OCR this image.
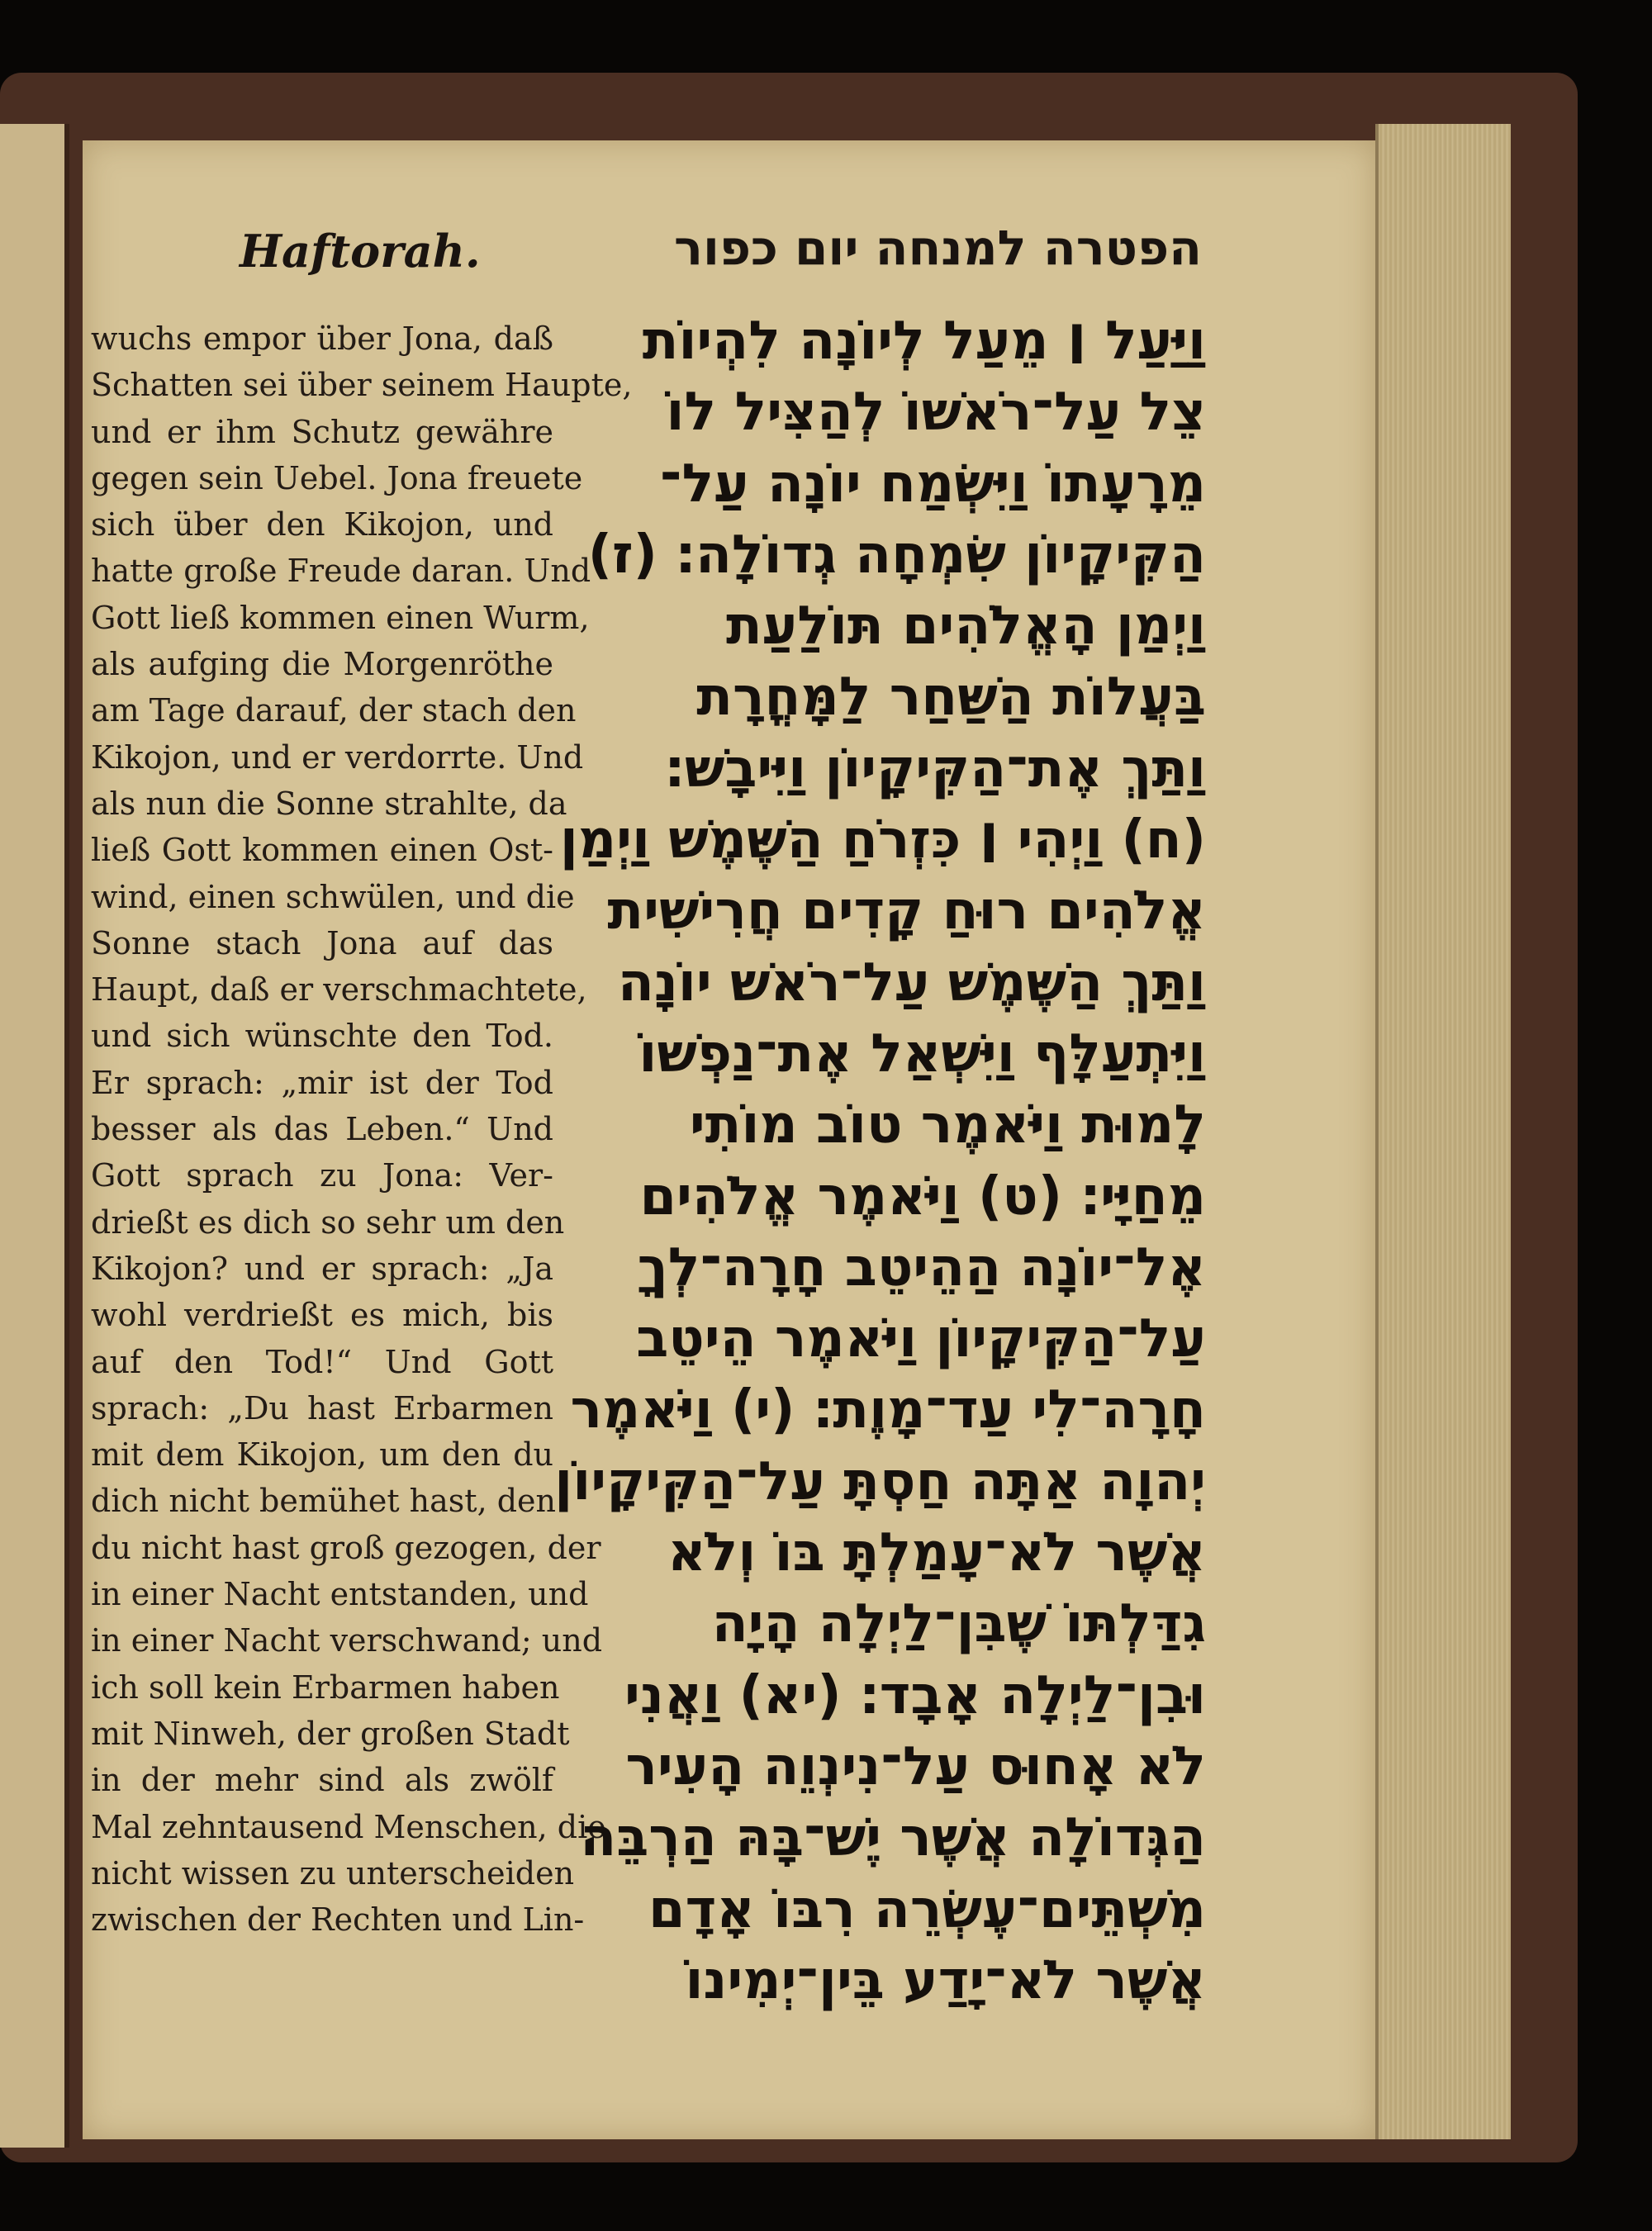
Haftorah.	הפטרה למנחה יום כפור
wuchs empor über Jona, daß
Schatten sei über seinem Haupte,
und er ihm Schutz gewähre
gegen sein Uebel. Jona freuete
sich über den Kikojon, und
hatte große Freude daran. Und
Gott ließ kommen einen Wurm,
als aufging die Morgenröthe
am Tage darauf, der stach den
Kikojon, und er verdorrte. Und
als nun die Sonne strahlte, da
ließ Gott kommen einen Ost-
wind, einen schwülen, und die
Sonne stach Jona auf das
Haupt, daß er verschmachtete,
und sich wünschte den Tod.
Er sprach: „mir ist der Tod
besser als das Leben.“ Und
Gott sprach zu Jona: Ver-
drießt es dich so sehr um den
Kikojon? und er sprach: „Ja
wohl verdrießt es mich, bis
auf den Tod!“ Und Gott
sprach: „Du hast Erbarmen
mit dem Kikojon, um den du
dich nicht bemühet hast, den
du nicht hast groß gezogen, der
in einer Nacht entstanden, und
in einer Nacht verschwand; und
ich soll kein Erbarmen haben
mit Ninweh, der großen Stadt
in der mehr sind als zwölf
Mal zehntausend Menschen, die
nicht wissen zu unterscheiden
zwischen der Rechten und Lin-
וַיַּעַל ׀ מֵעַל לְיוֹנָה לִהְיוֹת
צֵל עַל־רֹאשׁוֹ לְהַצִּיל לוֹ
מֵרָעָתוֹ וַיִּשְׂמַח יוֹנָה עַל־
הַקִּיקָיוֹן שִׂמְחָה גְדוֹלָה׃ (ז)
וַיְמַן הָאֱלֹהִים תּוֹלַעַת
בַּעֲלוֹת הַשַּׁחַר לַמָּחֳרָת
וַתַּךְ אֶת־הַקִּיקָיוֹן וַיִּיבָשׁ׃
(ח) וַיְהִי ׀ כִּזְרֹחַ הַשֶּׁמֶשׁ וַיְמַן
אֱלֹהִים רוּחַ קָדִים חֲרִישִׁית
וַתַּךְ הַשֶּׁמֶשׁ עַל־רֹאשׁ יוֹנָה
וַיִּתְעַלָּף וַיִּשְׁאַל אֶת־נַפְשׁוֹ
לָמוּת וַיֹּאמֶר טוֹב מוֹתִי
מֵחַיָּי׃ (ט) וַיֹּאמֶר אֱלֹהִים
אֶל־יוֹנָה הַהֵיטֵב חָרָה־לְךָ
עַל־הַקִּיקָיוֹן וַיֹּאמֶר הֵיטֵב
חָרָה־לִי עַד־מָוֶת׃ (י) וַיֹּאמֶר
יְהוָה אַתָּה חַסְתָּ עַל־הַקִּיקָיוֹן
אֲשֶׁר לֹא־עָמַלְתָּ בּוֹ וְלֹא
גִדַּלְתּוֹ שֶׁבִּן־לַיְלָה הָיָה
וּבִן־לַיְלָה אָבָד׃ (יא) וַאֲנִי
לֹא אָחוּס עַל־נִינְוֵה הָעִיר
הַגְּדוֹלָה אֲשֶׁר יֶשׁ־בָּהּ הַרְבֵּה
מִשְׁתֵּים־עֶשְׂרֵה רִבּוֹ אָדָם
אֲשֶׁר לֹא־יָדַע בֵּין־יְמִינוֹ
